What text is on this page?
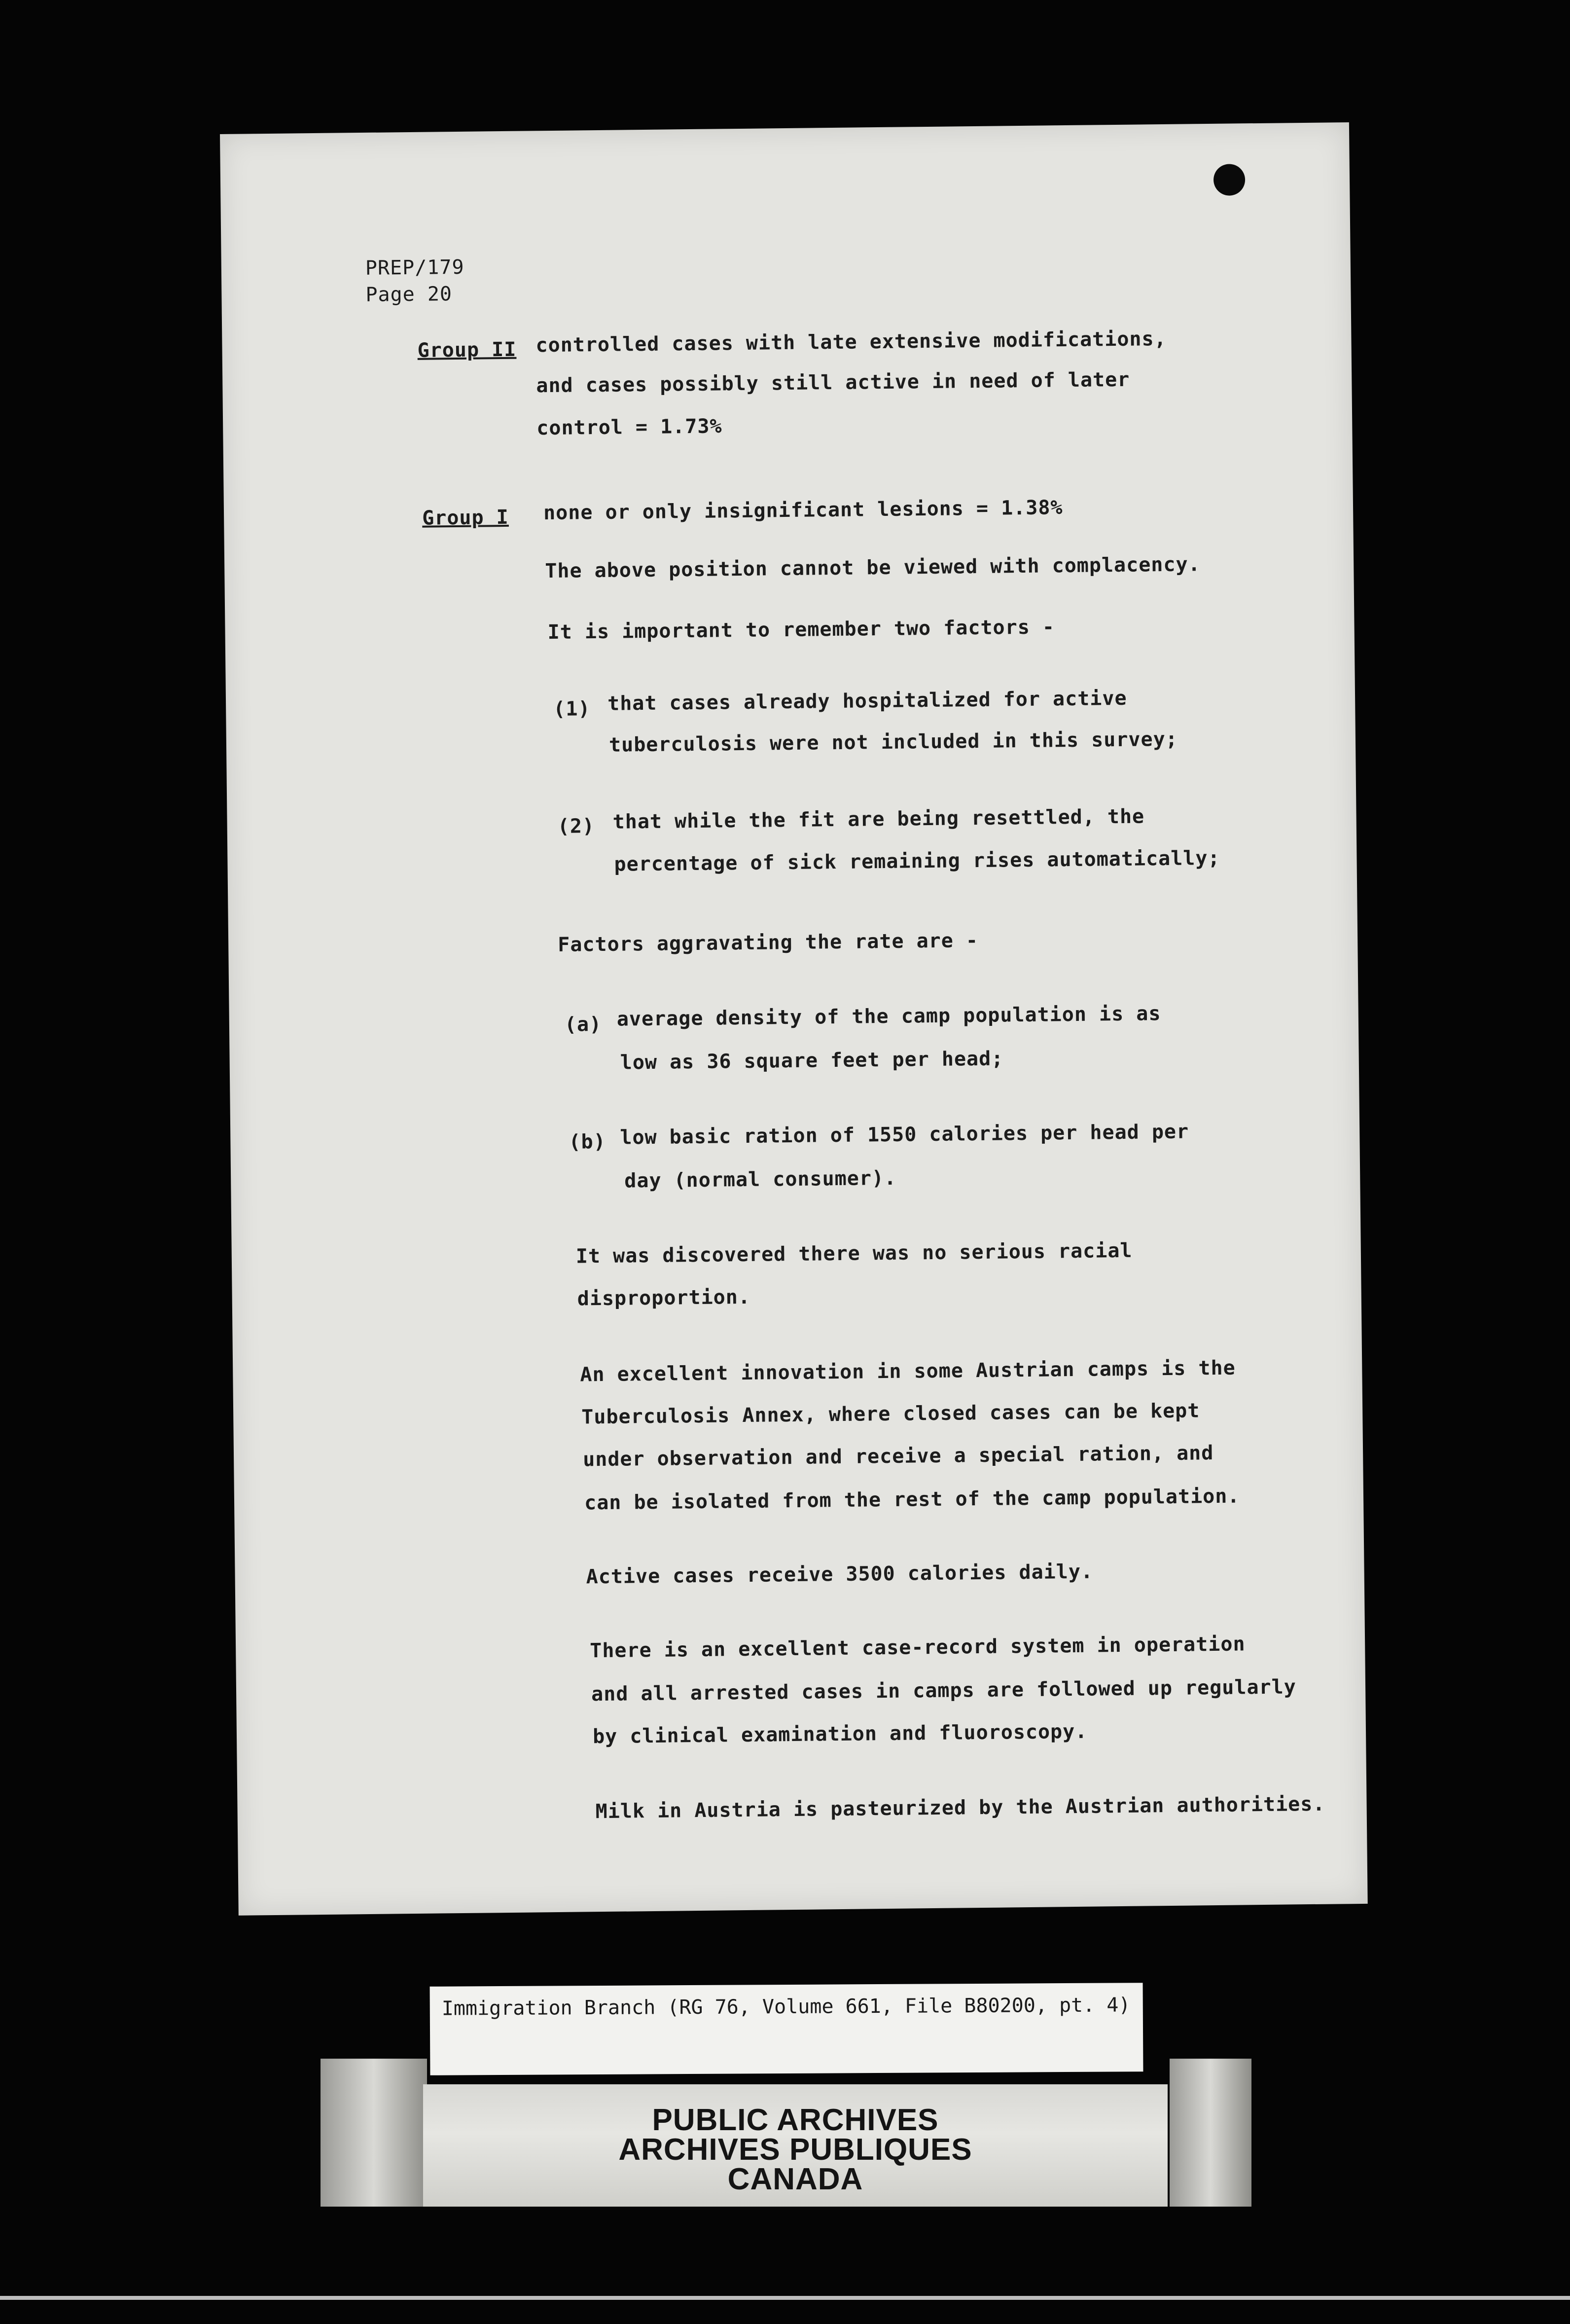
PREP/179
Page 20
Group II controlled cases with late extensive modifications,
and cases possibly still active in need of later
control = 1.73%
Group I none or only insignificant lesions = 1.38%
The above position cannot be viewed with complacency.
It is important to remember two factors -
(1) that cases already hospitalized for active
tuberculosis were not included in this survey;
(2) that while the fit are being resettled, the
percentage of sick remaining rises automatically;
Factors aggravating the rate are -
(a) average density of the camp population is as
low as 36 square feet per head;
(b) low basic ration of 1550 calories per head per
day (normal consumer).
It was discovered there was no serious racial
disproportion.
An excellent innovation in some Austrian camps is the
Tuberculosis Annex, where closed cases can be kept
under observation and receive a special ration, and
can be isolated from the rest of the camp population.
Active cases receive 3500 calories daily.
There is an excellent case-record system in operation
and all arrested cases in camps are followed up regularly
by clinical examination and fluoroscopy.
Milk in Austria is pasteurized by the Austrian authorities.
Immigration Branch (RG 76, Volume 661, File B80200, pt. 4)
PUBLIC ARCHIVES
ARCHIVES PUBLIQUES
CANADA
